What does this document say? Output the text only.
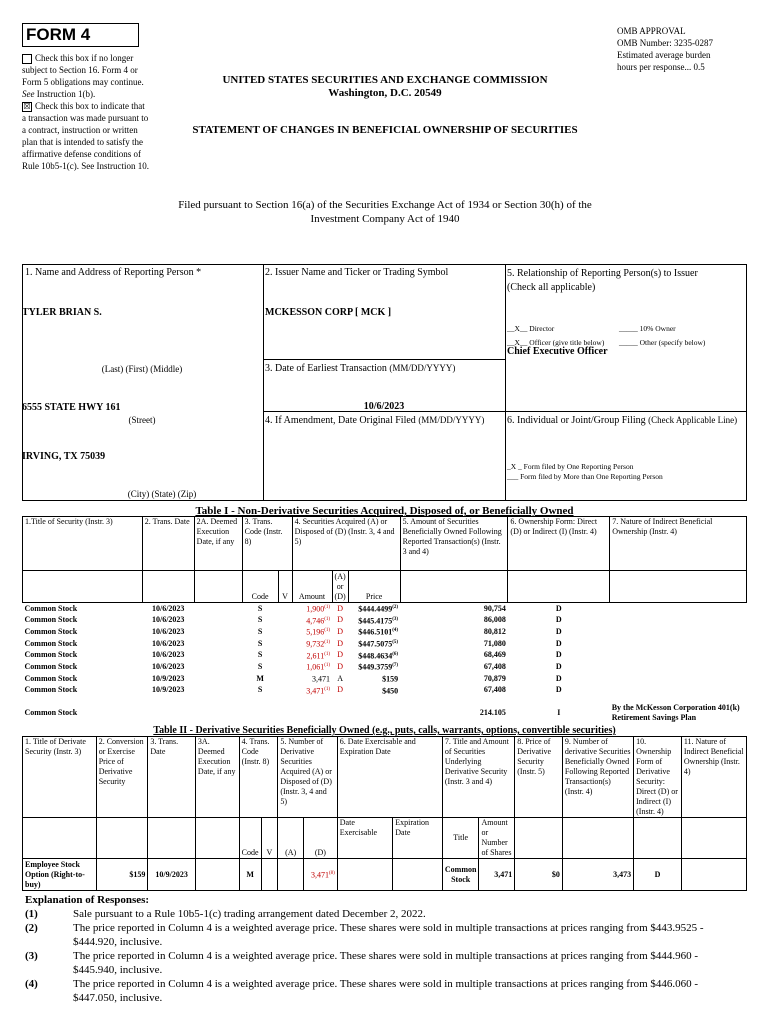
FORM 4	OMB APPROVAL
OMB Number: 3235-0287
Estimated average burden
hours per response... 0.5
Check this box if no longer subject to Section 16. Form 4 or Form 5 obligations may continue. See Instruction 1(b).
☒ Check this box to indicate that a transaction was made pursuant to a contract, instruction or written plan that is intended to satisfy the affirmative defense conditions of Rule 10b5-1(c). See Instruction 10.
UNITED STATES SECURITIES AND EXCHANGE COMMISSION
Washington, D.C. 20549
STATEMENT OF CHANGES IN BENEFICIAL OWNERSHIP OF SECURITIES
Filed pursuant to Section 16(a) of the Securities Exchange Act of 1934 or Section 30(h) of the Investment Company Act of 1940
1. Name and Address of Reporting Person *
TYLER BRIAN S.
(Last) (First) (Middle)
6555 STATE HWY 161
(Street)
IRVING, TX 75039
(City) (State) (Zip)
2. Issuer Name and Ticker or Trading Symbol
MCKESSON CORP [ MCK ]
3. Date of Earliest Transaction (MM/DD/YYYY)
10/6/2023
4. If Amendment, Date Original Filed (MM/DD/YYYY)
5. Relationship of Reporting Person(s) to Issuer
(Check all applicable)
__X__ Director	_____ 10% Owner
__X__ Officer (give title below) _____ Other (specify below)
Chief Executive Officer
6. Individual or Joint/Group Filing (Check Applicable Line)
_X _ Form filed by One Reporting Person
___ Form filed by More than One Reporting Person
Table I - Non-Derivative Securities Acquired, Disposed of, or Beneficially Owned
1.Title of Security (Instr. 3)	2. Trans. Date	2A. Deemed Execution Date, if any	3. Trans. Code (Instr. 8)		4. Securities Acquired (A) or Disposed of (D) (Instr. 3, 4 and 5)			5. Amount of Securities Beneficially Owned Following Reported Transaction(s) (Instr. 3 and 4)	6. Ownership Form: Direct (D) or Indirect (I) (Instr. 4)	7. Nature of Indirect Beneficial Ownership (Instr. 4)
			Code	V	Amount	(A) or (D)	Price			
Common Stock	10/6/2023		S		1,900$^{(1)}$	D	$444.4499$^{(2)}$	90,754	D	
Common Stock	10/6/2023		S		4,746$^{(1)}$	D	$445.4175$^{(3)}$	86,008	D	
Common Stock	10/6/2023		S		5,196$^{(1)}$	D	$446.5101$^{(4)}$	80,812	D	
Common Stock	10/6/2023		S		9,732$^{(1)}$	D	$447.5075$^{(5)}$	71,080	D	
Common Stock	10/6/2023		S		2,611$^{(1)}$	D	$448.4634$^{(6)}$	68,469	D	
Common Stock	10/6/2023		S		1,061$^{(1)}$	D	$449.3759$^{(7)}$	67,408	D	
Common Stock	10/9/2023		M		3,471	A	$159	70,879	D	
Common Stock	10/9/2023		S		3,471$^{(1)}$	D	$450	67,408	D	
Common Stock								214.105	I	By the McKesson Corporation 401(k) Retirement Savings Plan
Table II - Derivative Securities Beneficially Owned (e.g., puts, calls, warrants, options, convertible securities)
1. Title of Derivate Security (Instr. 3)	2. Conversion or Exercise Price of Derivative Security	3. Trans. Date	3A. Deemed Execution Date, if any	4. Trans. Code (Instr. 8)		5. Number of Derivative Securities Acquired (A) or Disposed of (D) (Instr. 3, 4 and 5)		6. Date Exercisable and Expiration Date		7. Title and Amount of Securities Underlying Derivative Security (Instr. 3 and 4)		8. Price of Derivative Security (Instr. 5)	9. Number of derivative Securities Beneficially Owned Following Reported Transaction(s) (Instr. 4)	10. Ownership Form of Derivative Security: Direct (D) or Indirect (I) (Instr. 4)	11. Nature of Indirect Beneficial Ownership (Instr. 4)
				Code	V	(A)	(D)	Date Exercisable	Expiration Date	Title	Amount or Number of Shares				
Employee Stock Option (Right-to-buy)	$159	10/9/2023		M			3,471$^{(8)}$			Common Stock	3,471	$0	3,473	D	
Explanation of Responses:
(1)	Sale pursuant to a Rule 10b5-1(c) trading arrangement dated December 2, 2022.
(2)	The price reported in Column 4 is a weighted average price. These shares were sold in multiple transactions at prices ranging from $443.9525 - $444.920, inclusive.
(3)	The price reported in Column 4 is a weighted average price. These shares were sold in multiple transactions at prices ranging from $444.960 - $445.940, inclusive.
(4)	The price reported in Column 4 is a weighted average price. These shares were sold in multiple transactions at prices ranging from $446.060 - $447.050, inclusive.
